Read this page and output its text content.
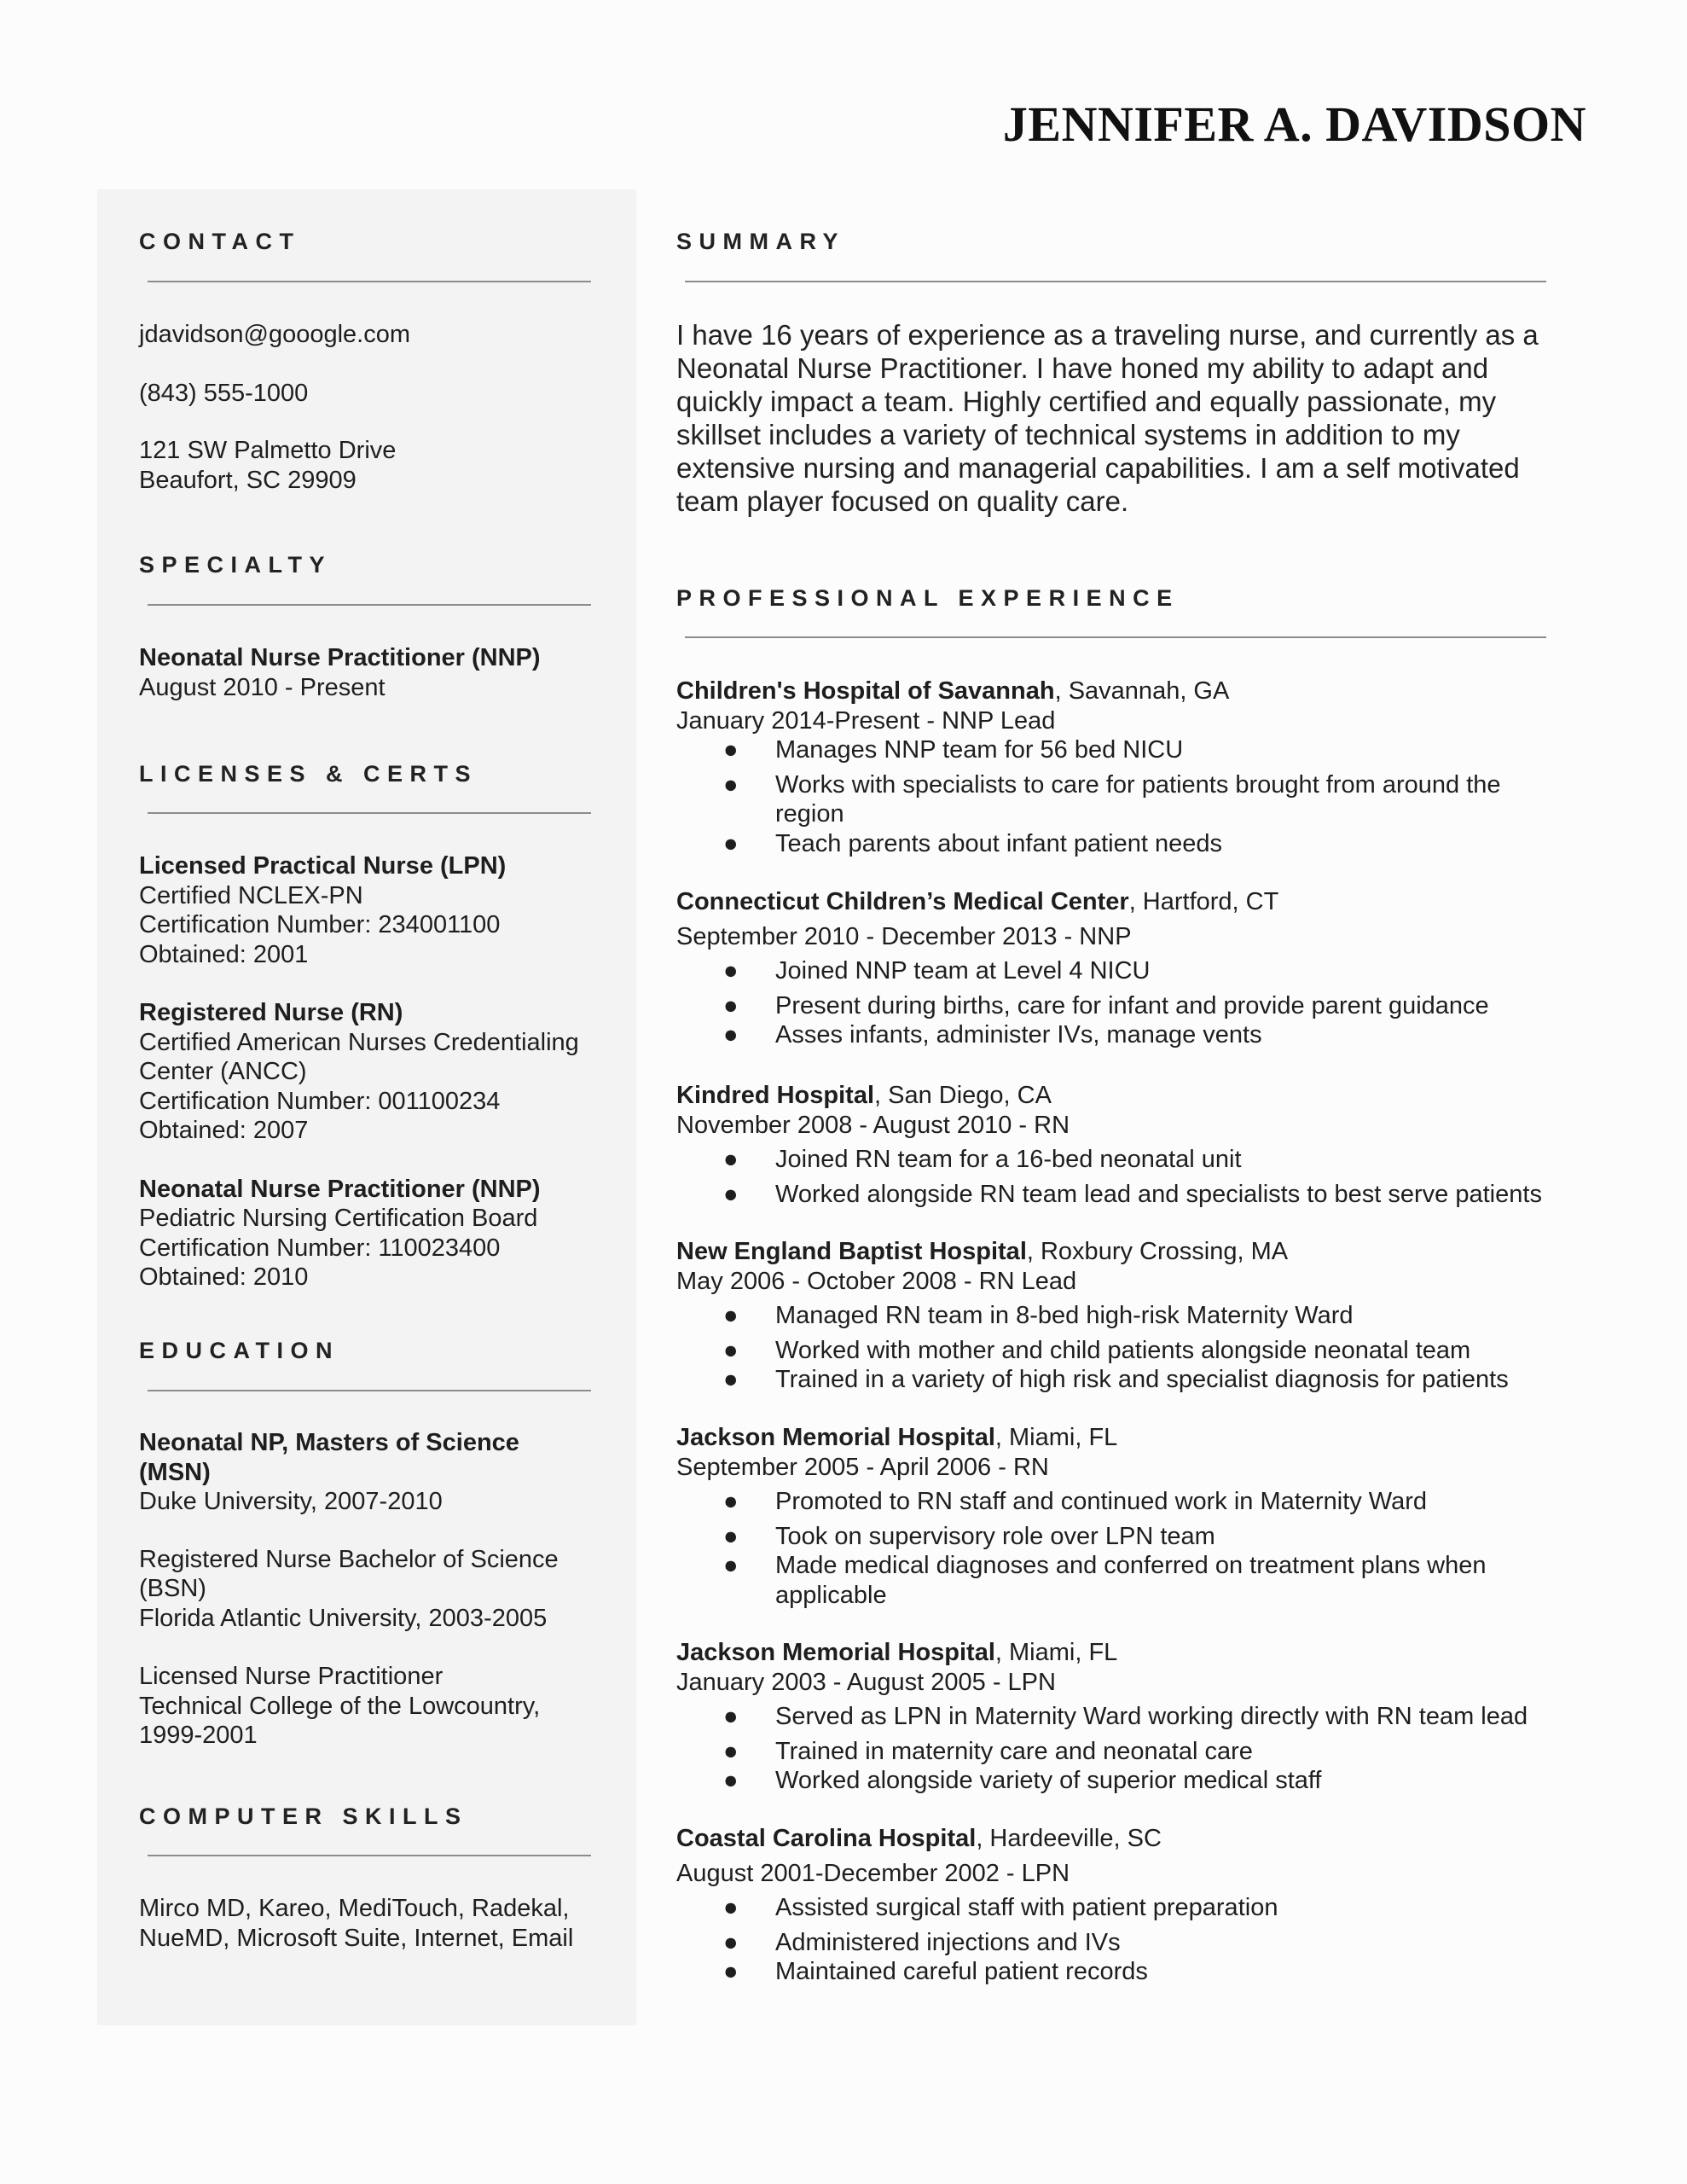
JENNIFER A. DAVIDSON
CONTACT
jdavidson@gooogle.com
(843) 555-1000
121 SW Palmetto Drive
Beaufort, SC 29909
SPECIALTY
Neonatal Nurse Practitioner (NNP)
August 2010 - Present
LICENSES & CERTS
Licensed Practical Nurse (LPN)
Certified NCLEX-PN
Certification Number: 234001100
Obtained: 2001
Registered Nurse (RN)
Certified American Nurses Credentialing
Center (ANCC)
Certification Number: 001100234
Obtained: 2007
Neonatal Nurse Practitioner (NNP)
Pediatric Nursing Certification Board
Certification Number: 110023400
Obtained: 2010
EDUCATION
Neonatal NP, Masters of Science
(MSN)
Duke University, 2007-2010
Registered Nurse Bachelor of Science
(BSN)
Florida Atlantic University, 2003-2005
Licensed Nurse Practitioner
Technical College of the Lowcountry,
1999-2001
COMPUTER SKILLS
Mirco MD, Kareo, MediTouch, Radekal,
NueMD, Microsoft Suite, Internet, Email
SUMMARY

I have 16 years of experience as a traveling nurse, and currently as a

Neonatal Nurse Practitioner. I have honed my ability to adapt and

quickly impact a team. Highly certified and equally passionate, my

skillset includes a variety of technical systems in addition to my

extensive nursing and managerial capabilities. I am a self motivated

team player focused on quality care.

PROFESSIONAL EXPERIENCE
Children's Hospital of Savannah, Savannah, GA
January 2014-Present - NNP Lead
● Manages NNP team for 56 bed NICU
● Works with specialists to care for patients brought from around the
region
● Teach parents about infant patient needs
Connecticut Children’s Medical Center, Hartford, CT
September 2010 - December 2013 - NNP
● Joined NNP team at Level 4 NICU
● Present during births, care for infant and provide parent guidance
● Asses infants, administer IVs, manage vents
Kindred Hospital, San Diego, CA
November 2008 - August 2010 - RN
● Joined RN team for a 16-bed neonatal unit
● Worked alongside RN team lead and specialists to best serve patients
New England Baptist Hospital, Roxbury Crossing, MA
May 2006 - October 2008 - RN Lead
● Managed RN team in 8-bed high-risk Maternity Ward
● Worked with mother and child patients alongside neonatal team
● Trained in a variety of high risk and specialist diagnosis for patients
Jackson Memorial Hospital, Miami, FL
September 2005 - April 2006 - RN
● Promoted to RN staff and continued work in Maternity Ward
● Took on supervisory role over LPN team
● Made medical diagnoses and conferred on treatment plans when
applicable
Jackson Memorial Hospital, Miami, FL
January 2003 - August 2005 - LPN
● Served as LPN in Maternity Ward working directly with RN team lead
● Trained in maternity care and neonatal care
● Worked alongside variety of superior medical staff
Coastal Carolina Hospital, Hardeeville, SC
August 2001-December 2002 - LPN
● Assisted surgical staff with patient preparation
● Administered injections and IVs
● Maintained careful patient records
